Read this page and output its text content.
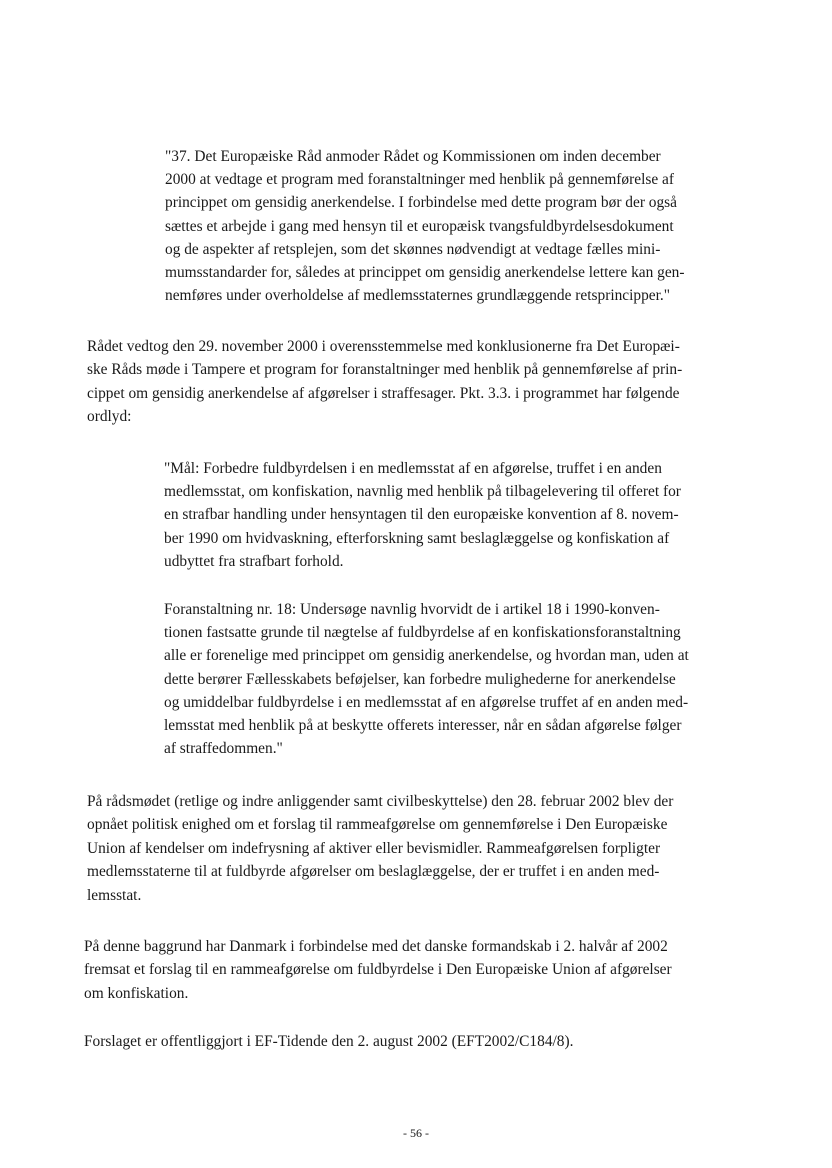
"37. Det Europæiske Råd anmoder Rådet og Kommissionen om inden december
2000 at vedtage et program med foranstaltninger med henblik på gennemførelse af
princippet om gensidig anerkendelse. I forbindelse med dette program bør der også
sættes et arbejde i gang med hensyn til et europæisk tvangsfuldbyrdelsesdokument
og de aspekter af retsplejen, som det skønnes nødvendigt at vedtage fælles mini-
mumsstandarder for, således at princippet om gensidig anerkendelse lettere kan gen-
nemføres under overholdelse af medlemsstaternes grundlæggende retsprincipper."
Rådet vedtog den 29. november 2000 i overensstemmelse med konklusionerne fra Det Europæi-
ske Råds møde i Tampere et program for foranstaltninger med henblik på gennemførelse af prin-
cippet om gensidig anerkendelse af afgørelser i straffesager. Pkt. 3.3. i programmet har følgende
ordlyd:
"Mål: Forbedre fuldbyrdelsen i en medlemsstat af en afgørelse, truffet i en anden
medlemsstat, om konfiskation, navnlig med henblik på tilbagelevering til offeret for
en strafbar handling under hensyntagen til den europæiske konvention af 8. novem-
ber 1990 om hvidvaskning, efterforskning samt beslaglæggelse og konfiskation af
udbyttet fra strafbart forhold.
Foranstaltning nr. 18: Undersøge navnlig hvorvidt de i artikel 18 i 1990-konven-
tionen fastsatte grunde til nægtelse af fuldbyrdelse af en konfiskationsforanstaltning
alle er forenelige med princippet om gensidig anerkendelse, og hvordan man, uden at
dette berører Fællesskabets beføjelser, kan forbedre mulighederne for anerkendelse
og umiddelbar fuldbyrdelse i en medlemsstat af en afgørelse truffet af en anden med-
lemsstat med henblik på at beskytte offerets interesser, når en sådan afgørelse følger
af straffedommen."
På rådsmødet (retlige og indre anliggender samt civilbeskyttelse) den 28. februar 2002 blev der
opnået politisk enighed om et forslag til rammeafgørelse om gennemførelse i Den Europæiske
Union af kendelser om indefrysning af aktiver eller bevismidler. Rammeafgørelsen forpligter
medlemsstaterne til at fuldbyrde afgørelser om beslaglæggelse, der er truffet i en anden med-
lemsstat.
På denne baggrund har Danmark i forbindelse med det danske formandskab i 2. halvår af 2002
fremsat et forslag til en rammeafgørelse om fuldbyrdelse i Den Europæiske Union af afgørelser
om konfiskation.
Forslaget er offentliggjort i EF-Tidende den 2. august 2002 (EFT2002/C184/8).
- 56 -
